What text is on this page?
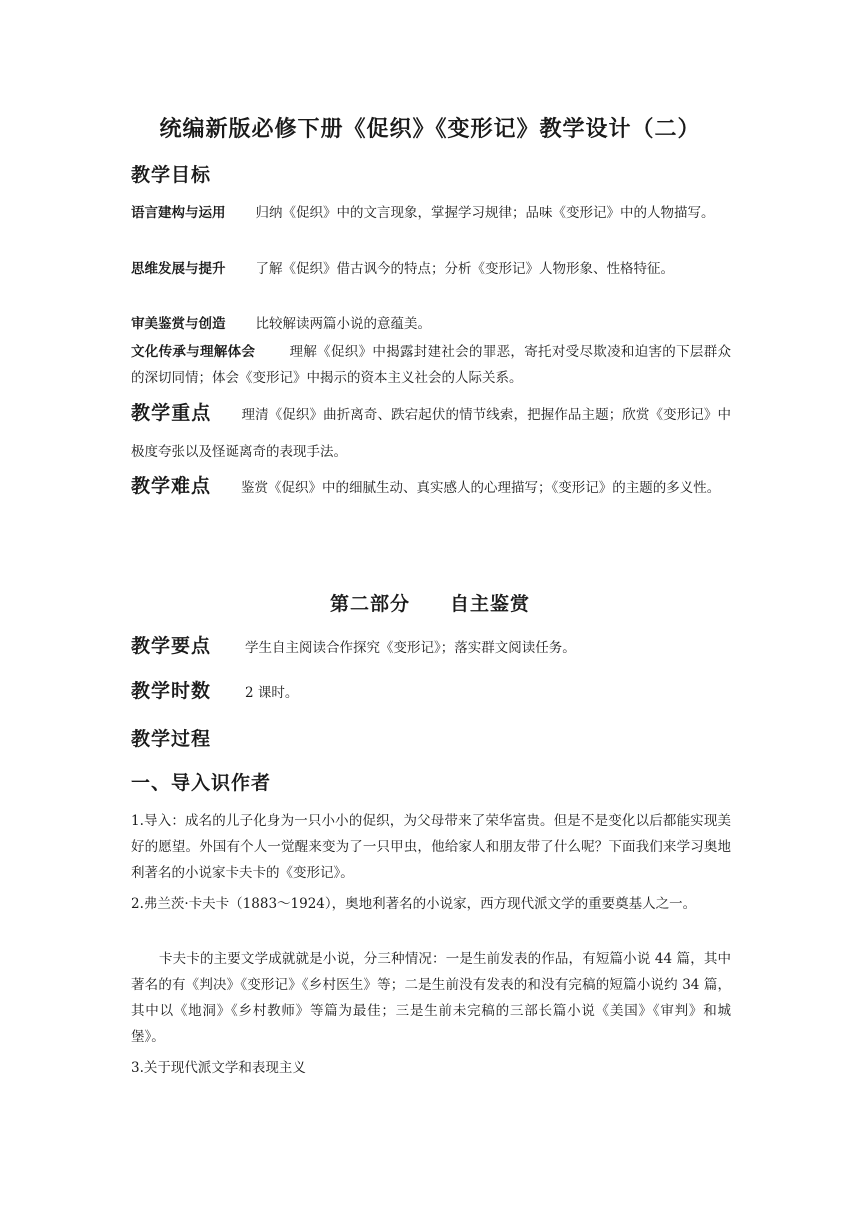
统编新版必修下册《促织》《变形记》教学设计（二）
教学目标
语言建构与运用 归纳《促织》中的文言现象，掌握学习规律；品味《变形记》中的人物描写。
思维发展与提升 了解《促织》借古讽今的特点；分析《变形记》人物形象、性格特征。
审美鉴赏与创造 比较解读两篇小说的意蕴美。
文化传承与理解体会	理解《促织》中揭露封建社会的罪恶，寄托对受尽欺凌和迫害的下层群众的深切同情；体会《变形记》中揭示的资本主义社会的人际关系。
教学重点 理清《促织》曲折离奇、跌宕起伏的情节线索，把握作品主题；欣赏《变形记》中极度夸张以及怪诞离奇的表现手法。
教学难点 鉴赏《促织》中的细腻生动、真实感人的心理描写；《变形记》的主题的多义性。
第二部分 自主鉴赏
教学要点	学生自主阅读合作探究《变形记》；落实群文阅读任务。
教学时数	2 课时。
教学过程
一、导入识作者
1.导入：成名的儿子化身为一只小小的促织，为父母带来了荣华富贵。但是不是变化以后都能实现美好的愿望。外国有个人一觉醒来变为了一只甲虫，他给家人和朋友带了什么呢？下面我们来学习奥地利著名的小说家卡夫卡的《变形记》。
2.弗兰茨·卡夫卡（1883～1924），奥地利著名的小说家，西方现代派文学的重要奠基人之一。
卡夫卡的主要文学成就就是小说，分三种情况：一是生前发表的作品，有短篇小说 44 篇，其中著名的有《判决》《变形记》《乡村医生》等；二是生前没有发表的和没有完稿的短篇小说约 34 篇，其中以《地洞》《乡村教师》等篇为最佳；三是生前未完稿的三部长篇小说《美国》《审判》和城堡》。
3.关于现代派文学和表现主义
